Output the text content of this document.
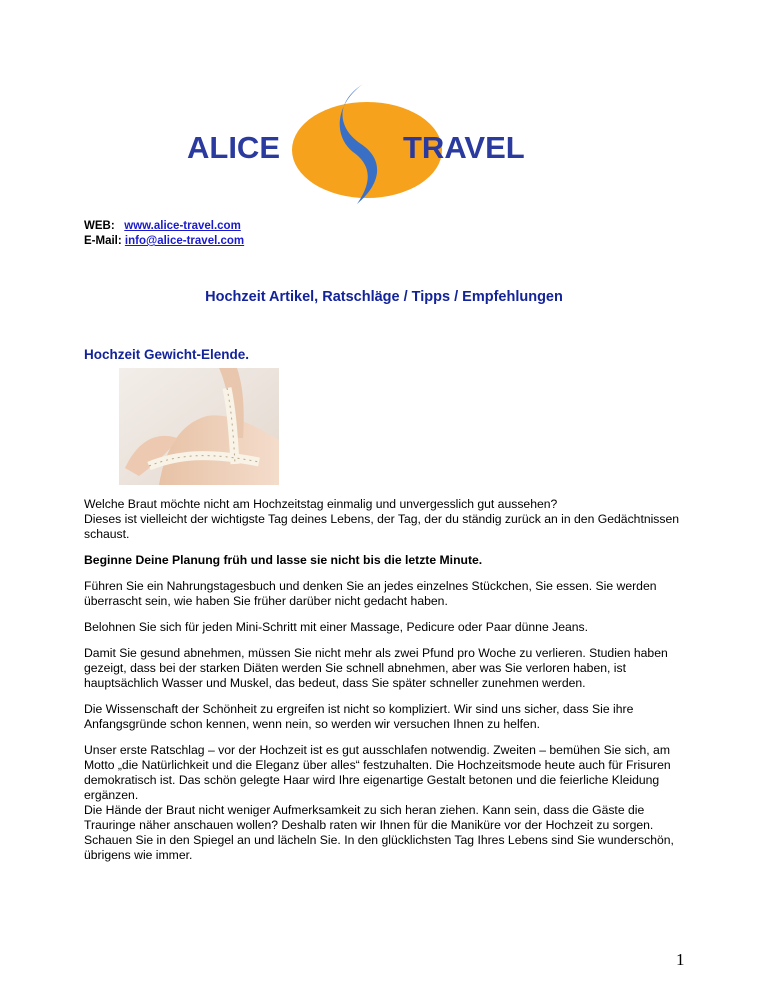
ALICE	TRAVEL
WEB: www.alice-travel.com
E-Mail: info@alice-travel.com
Hochzeit Artikel, Ratschläge / Tipps / Empfehlungen
Hochzeit Gewicht-Elende.

Welche Braut möchte nicht am Hochzeitstag einmalig und unvergesslich gut aussehen?

Dieses ist vielleicht der wichtigste Tag deines Lebens, der Tag, der du ständig zurück an in den Gedächtnissen schaust.

Beginne Deine Planung früh und lasse sie nicht bis die letzte Minute.

Führen Sie ein Nahrungstagesbuch und denken Sie an jedes einzelnes Stückchen, Sie essen. Sie werden überrascht sein, wie haben Sie früher darüber nicht gedacht haben.

Belohnen Sie sich für jeden Mini-Schritt mit einer Massage, Pedicure oder Paar dünne Jeans.

Damit Sie gesund abnehmen, müssen Sie nicht mehr als zwei Pfund pro Woche zu verlieren. Studien haben gezeigt, dass bei der starken Diäten werden Sie schnell abnehmen, aber was Sie verloren haben, ist hauptsächlich Wasser und Muskel, das bedeut, dass Sie später schneller zunehmen werden.

Die Wissenschaft der Schönheit zu ergreifen ist nicht so kompliziert. Wir sind uns sicher, dass Sie ihre Anfangsgründe schon kennen, wenn nein, so werden wir versuchen Ihnen zu helfen.

Unser erste Ratschlag – vor der Hochzeit ist es gut ausschlafen notwendig. Zweiten – bemühen Sie sich, am Motto „die Natürlichkeit und die Eleganz über alles“ festzuhalten. Die Hochzeitsmode heute auch für Frisuren demokratisch ist. Das schön gelegte Haar wird Ihre eigenartige Gestalt betonen und die feierliche Kleidung ergänzen.

Die Hände der Braut nicht weniger Aufmerksamkeit zu sich heran ziehen. Kann sein, dass die Gäste die Trauringe näher anschauen wollen? Deshalb raten wir Ihnen für die Maniküre vor der Hochzeit zu sorgen. Schauen Sie in den Spiegel an und lächeln Sie. In den glücklichsten Tag Ihres Lebens sind Sie wunderschön, übrigens wie immer.

1
